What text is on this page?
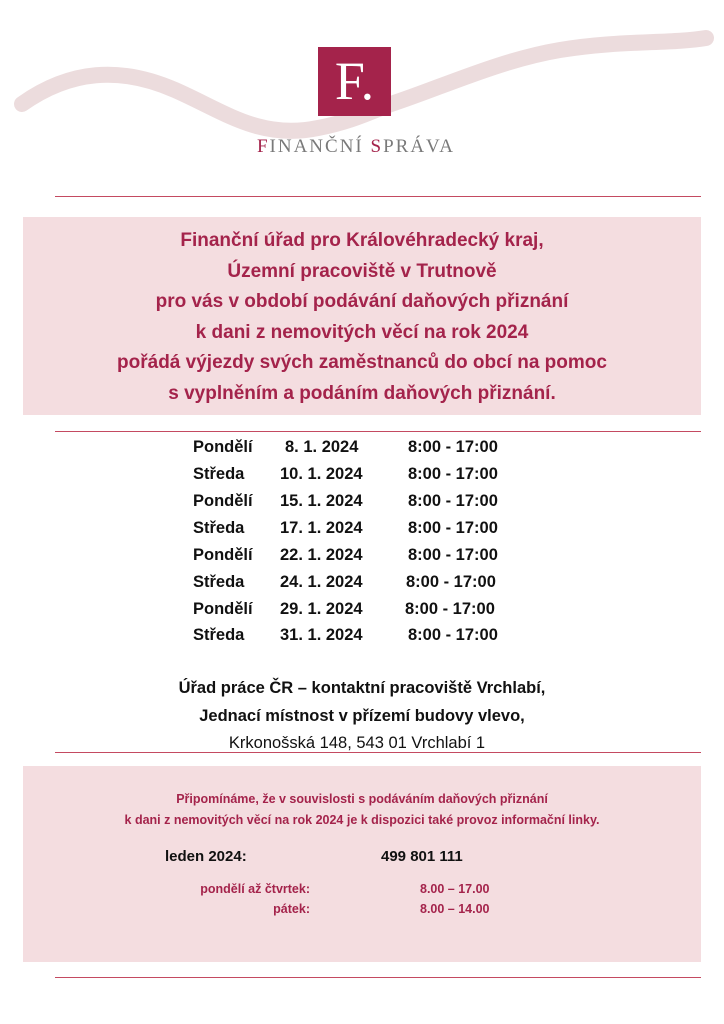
F.
FINANČNÍ SPRÁVA
Finanční úřad pro Královéhradecký kraj,
Územní pracoviště v Trutnově
pro vás v období podávání daňových přiznání
k dani z nemovitých věcí na rok 2024
pořádá výjezdy svých zaměstnanců do obcí na pomoc
s vyplněním a podáním daňových přiznání.
Pondělí 8. 1. 2024	8:00 - 17:00
Středa 10. 1. 2024	8:00 - 17:00
Pondělí 15. 1. 2024	8:00 - 17:00
Středa 17. 1. 2024	8:00 - 17:00
Pondělí 22. 1. 2024	8:00 - 17:00
Středa 24. 1. 2024	8:00 - 17:00
Pondělí 29. 1. 2024	8:00 - 17:00
Středa 31. 1. 2024	8:00 - 17:00
Úřad práce ČR – kontaktní pracoviště Vrchlabí,
Jednací místnost v přízemí budovy vlevo,
Krkonošská 148, 543 01 Vrchlabí 1
Připomínáme, že v souvislosti s podáváním daňových přiznání
k dani z nemovitých věcí na rok 2024 je k dispozici také provoz informační linky.
leden 2024:	499 801 111
pondělí až čtvrtek:	8.00 – 17.00
pátek:	8.00 – 14.00
